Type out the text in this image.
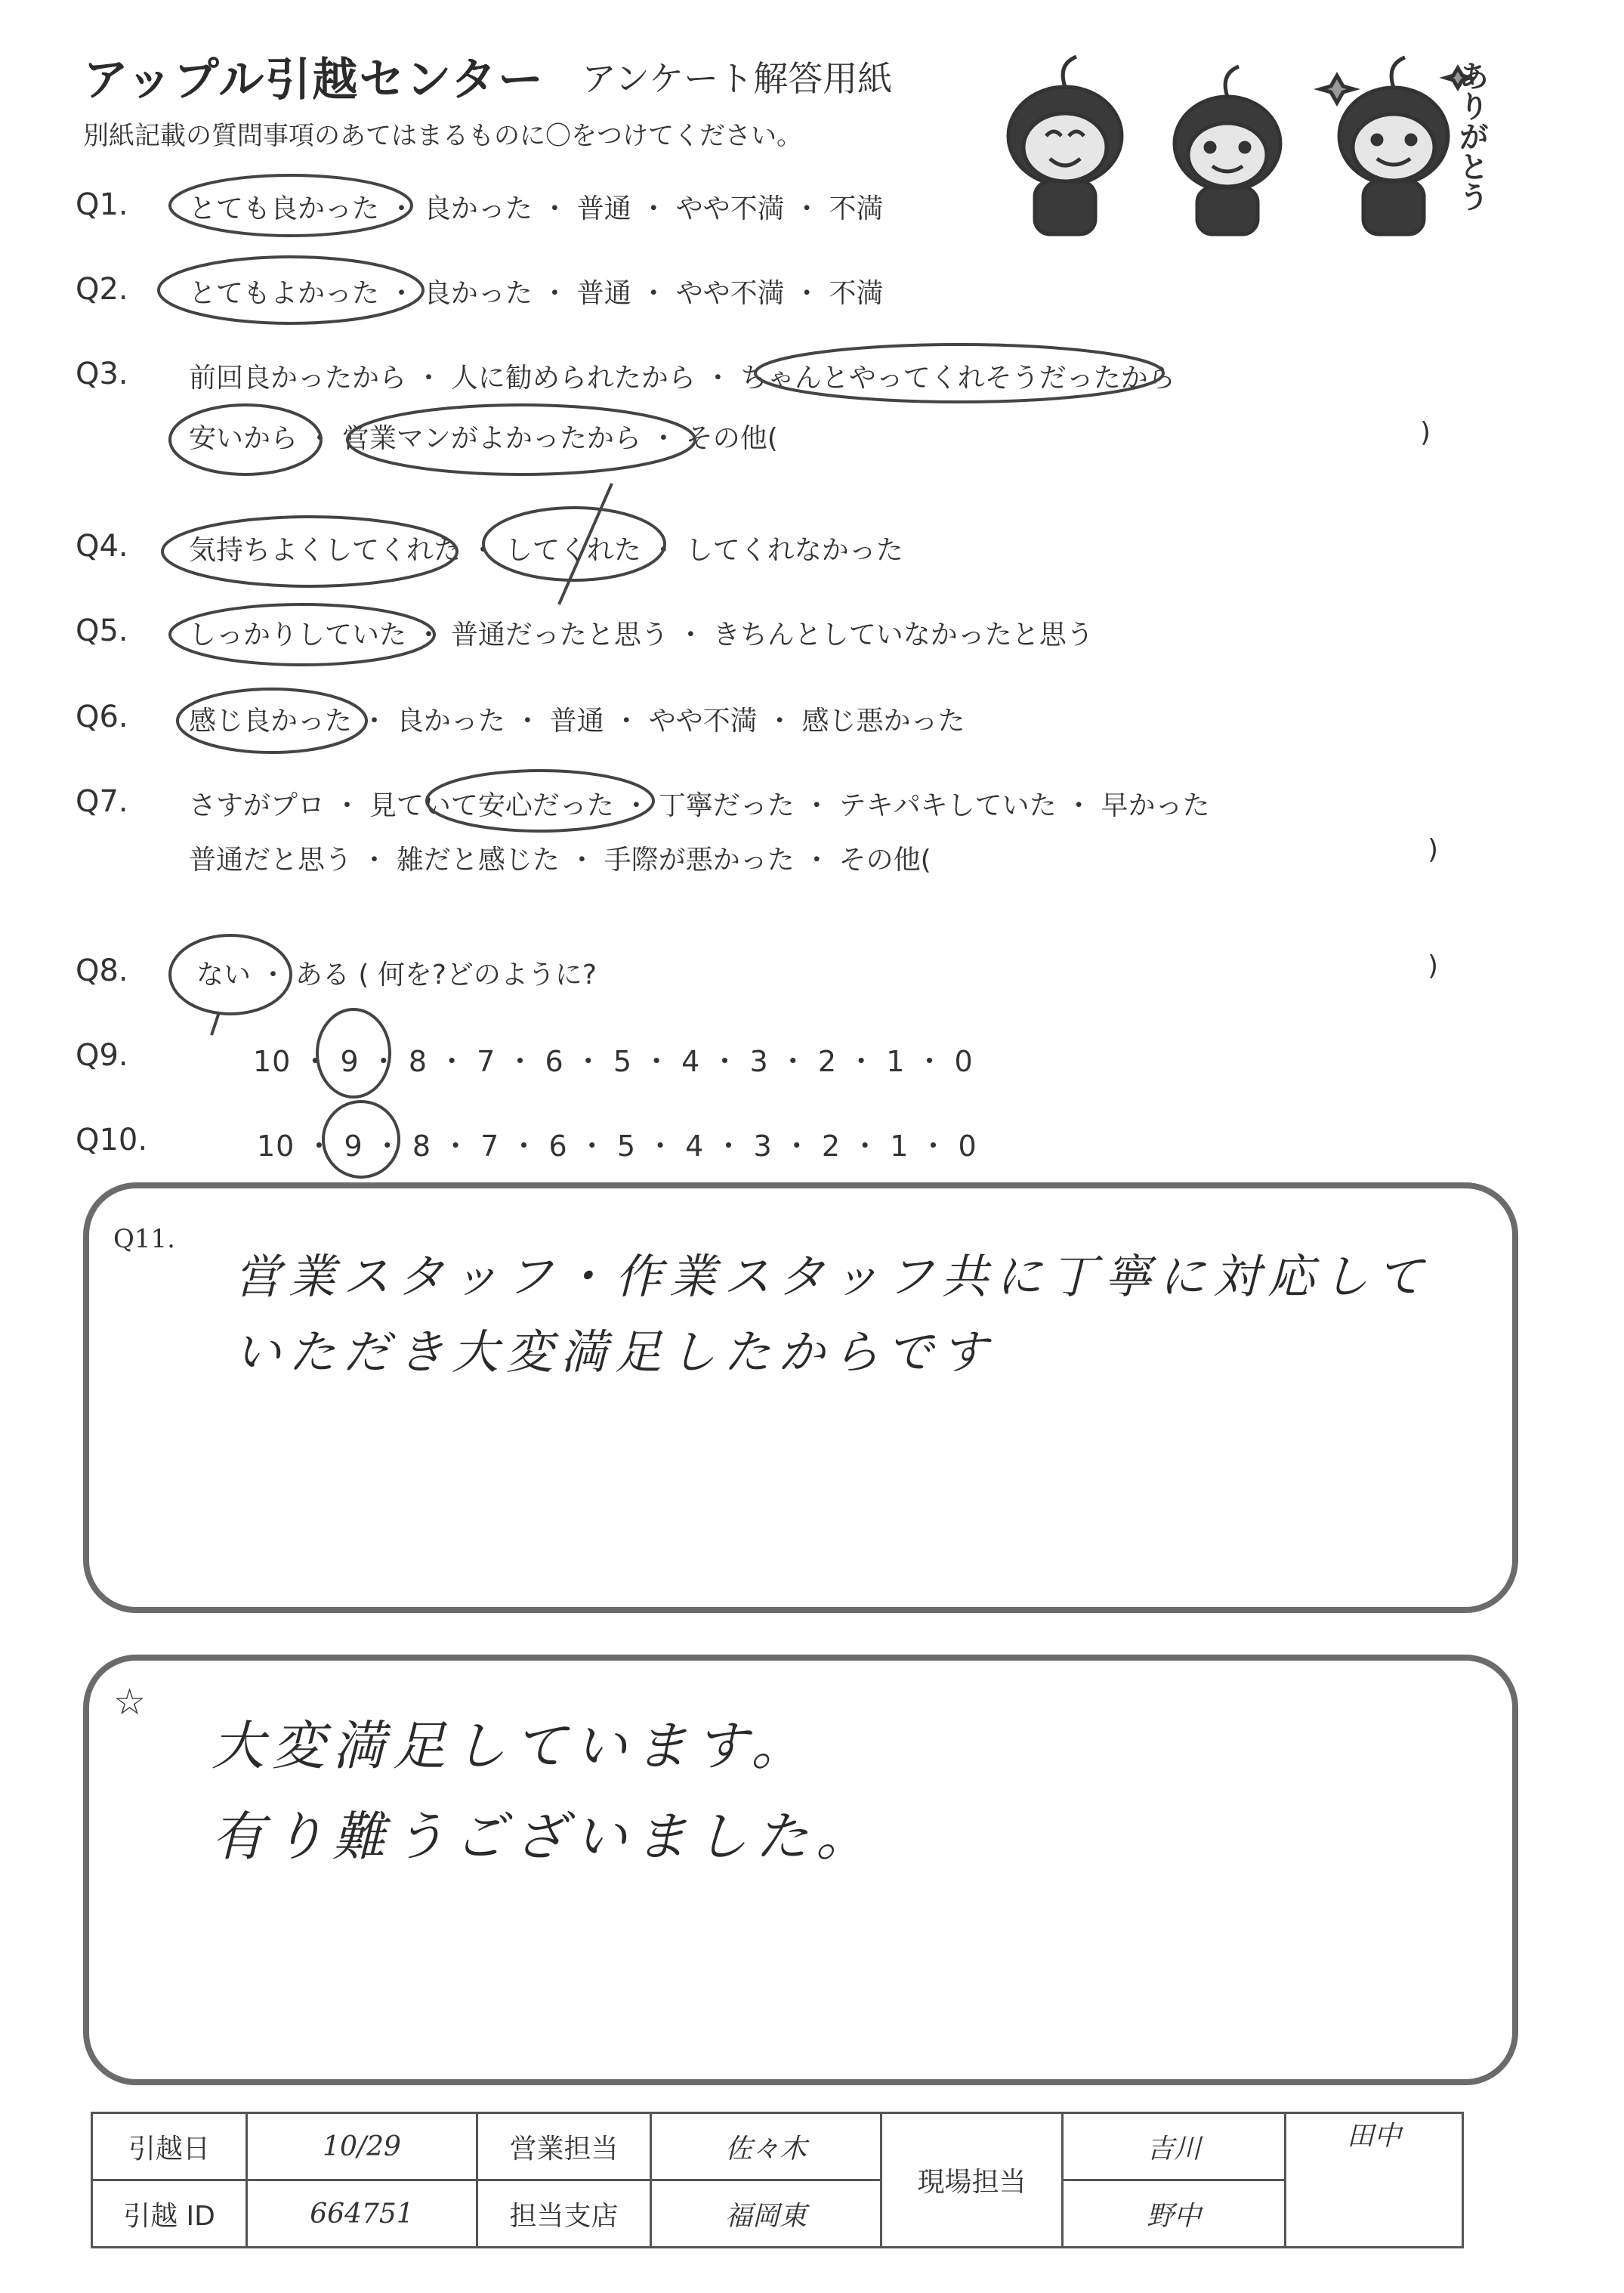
アップル引越センター アンケート解答用紙
別紙記載の質問事項のあてはまるものに〇をつけてください。	ありがとう
Q1. とても良かった ・ 良かった ・ 普通 ・ やや不満 ・ 不満
Q2. とてもよかった ・ 良かった ・ 普通 ・ やや不満 ・ 不満
Q3. 前回良かったから ・ 人に勧められたから ・ ちゃんとやってくれそうだったから
安いから ・ 営業マンがよかったから ・ その他(	)
Q4. 気持ちよくしてくれた ・ してくれた ・ してくれなかった
Q5. しっかりしていた ・ 普通だったと思う ・ きちんとしていなかったと思う
Q6. 感じ良かった ・ 良かった ・ 普通 ・ やや不満 ・ 感じ悪かった
Q7. さすがプロ ・ 見ていて安心だった ・ 丁寧だった ・ テキパキしていた ・ 早かった
普通だと思う ・ 雑だと感じた ・ 手際が悪かった ・ その他(	)
Q8.	ない ・ ある ( 何を?どのように?	)
Q9.	10 ・ 9 ・ 8 ・ 7 ・ 6 ・ 5 ・ 4 ・ 3 ・ 2 ・ 1 ・ 0
Q10.	10 ・ 9 ・ 8 ・ 7 ・ 6 ・ 5 ・ 4 ・ 3 ・ 2 ・ 1 ・ 0
Q11.
営業スタッフ・作業スタッフ共に丁寧に対応して
いただき大変満足したからです
☆
大変満足しています。
有り難うございました。
引越日	10/29	営業担当	佐々木	現場担当	吉川	田中
引越 ID	664751	担当支店	福岡東		野中	
